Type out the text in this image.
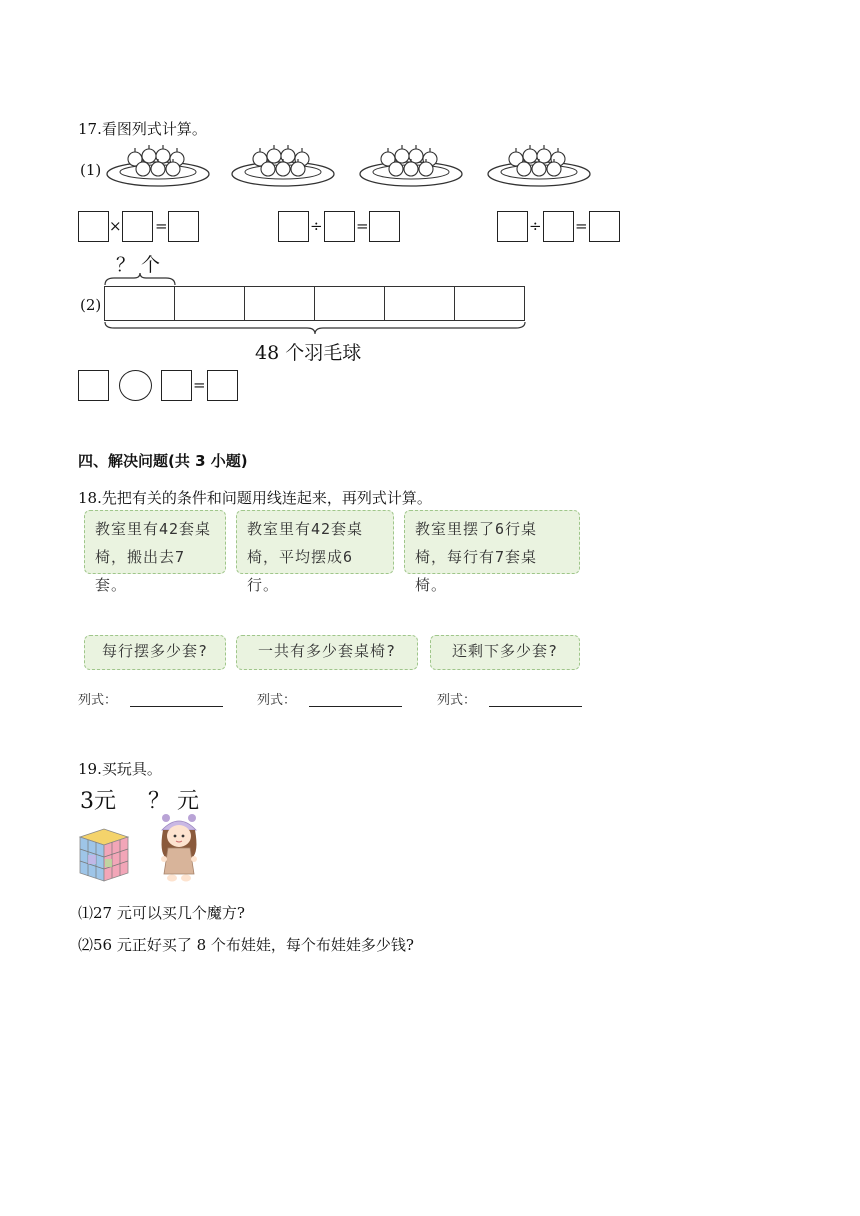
17.看图列式计算。
(1)
× =	÷ =	÷ =
？ 个
(2)
48 个羽毛球
=
四、解决问题(共 3 小题)
18.先把有关的条件和问题用线连起来，再列式计算。
教室里有42套桌
椅，搬出去7套。
教室里有42套桌
椅，平均摆成6行。
教室里摆了6行桌
椅，每行有7套桌椅。
每行摆多少套?	一共有多少套桌椅?	还剩下多少套?
列式：	列式：	列式：
19.买玩具。
3元 ？ 元
⑴27 元可以买几个魔方?
⑵56 元正好买了 8 个布娃娃，每个布娃娃多少钱?
